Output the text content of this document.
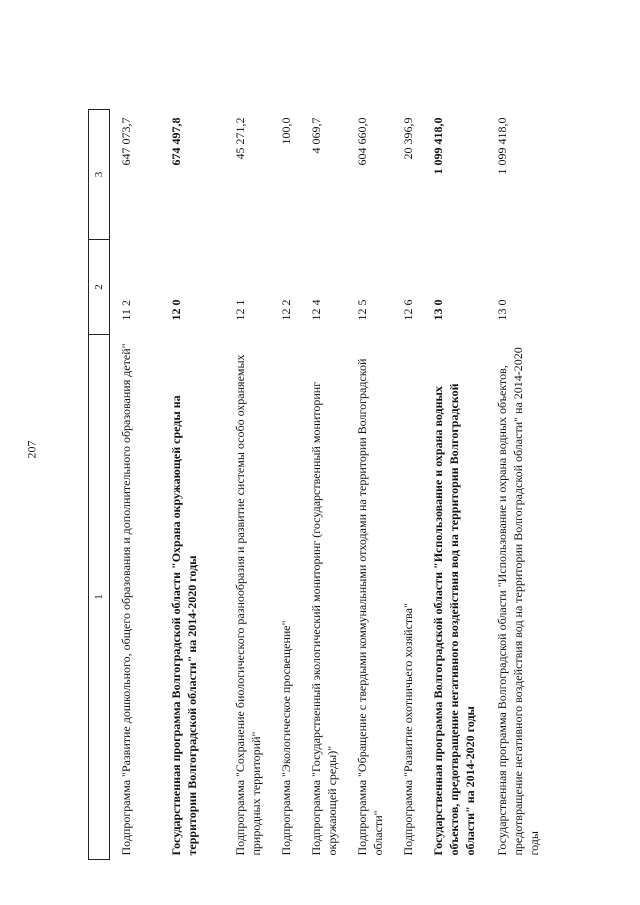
207
1	2	3
Подпрограмма "Развитие дошкольного, общего образования и дополнительного образования детей"	11 2	647 073,7
Государственная программа Волгоградской области "Охрана окружающей среды на территории Волгоградской области" на 2014-2020 годы	12 0	674 497,8
Подпрограмма "Сохранение биологического разнообразия и развитие системы особо охраняемых природных территорий"	12 1	45 271,2
Подпрограмма "Экологическое просвещение"	12 2	100,0
Подпрограмма "Государственный экологический мониторинг (государственный мониторинг окружающей среды)"	12 4	4 069,7
Подпрограмма "Обращение с твердыми коммунальными отходами на территории Волгоградской области"	12 5	604 660,0
Подпрограмма "Развитие охотничьего хозяйства"	12 6	20 396,9
Государственная программа Волгоградской области "Использование и охрана водных объектов, предотвращение негативного воздействия вод на территории Волгоградской области" на 2014-2020 годы	13 0	1 099 418,0
Государственная программа Волгоградской области "Использование и охрана водных объектов, предотвращение негативного воздействия вод на территории Волгоградской области" на 2014-2020 годы	13 0	1 099 418,0
